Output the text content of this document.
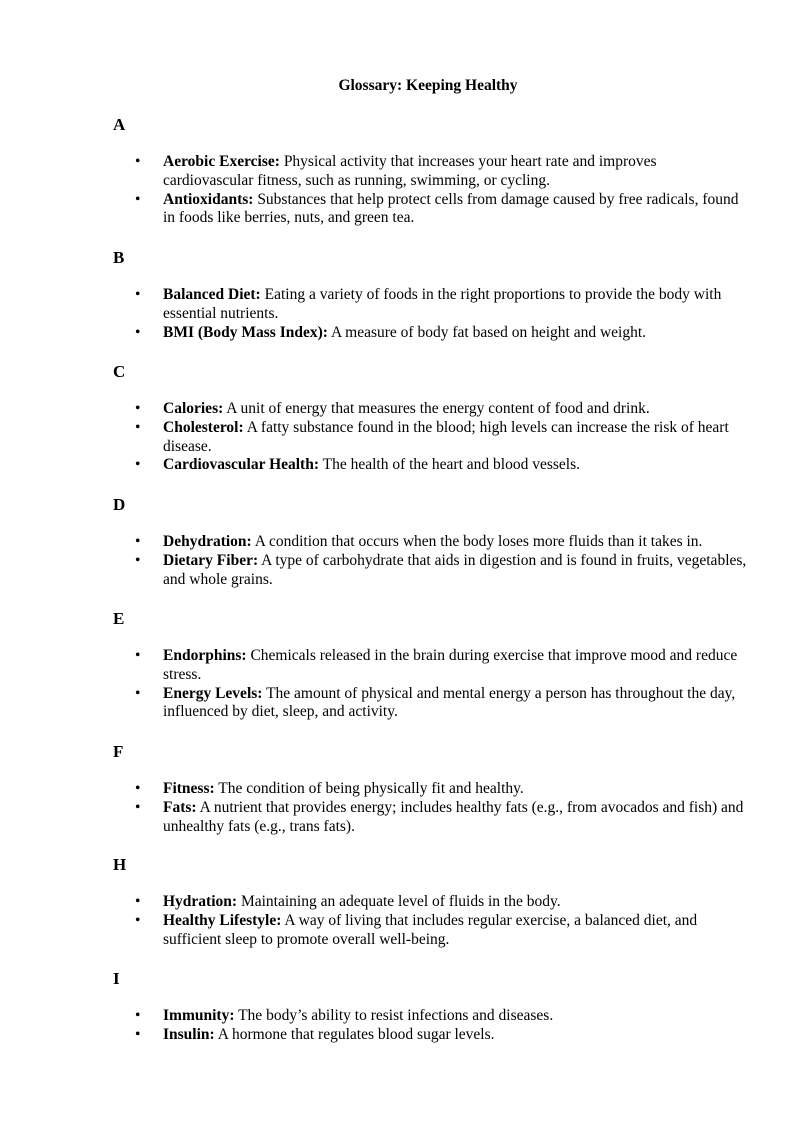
Glossary: Keeping Healthy
A
•	Aerobic Exercise: Physical activity that increases your heart rate and improves cardiovascular fitness, such as running, swimming, or cycling.
•	Antioxidants: Substances that help protect cells from damage caused by free radicals, found in foods like berries, nuts, and green tea.
B
•	Balanced Diet: Eating a variety of foods in the right proportions to provide the body with essential nutrients.
•	BMI (Body Mass Index): A measure of body fat based on height and weight.
C
•	Calories: A unit of energy that measures the energy content of food and drink.
•	Cholesterol: A fatty substance found in the blood; high levels can increase the risk of heart disease.
•	Cardiovascular Health: The health of the heart and blood vessels.
D
•	Dehydration: A condition that occurs when the body loses more fluids than it takes in.
•	Dietary Fiber: A type of carbohydrate that aids in digestion and is found in fruits, vegetables, and whole grains.
E
•	Endorphins: Chemicals released in the brain during exercise that improve mood and reduce stress.
•	Energy Levels: The amount of physical and mental energy a person has throughout the day, influenced by diet, sleep, and activity.
F
•	Fitness: The condition of being physically fit and healthy.
•	Fats: A nutrient that provides energy; includes healthy fats (e.g., from avocados and fish) and unhealthy fats (e.g., trans fats).
H
•	Hydration: Maintaining an adequate level of fluids in the body.
•	Healthy Lifestyle: A way of living that includes regular exercise, a balanced diet, and sufficient sleep to promote overall well-being.
I
•	Immunity: The body’s ability to resist infections and diseases.
•	Insulin: A hormone that regulates blood sugar levels.
